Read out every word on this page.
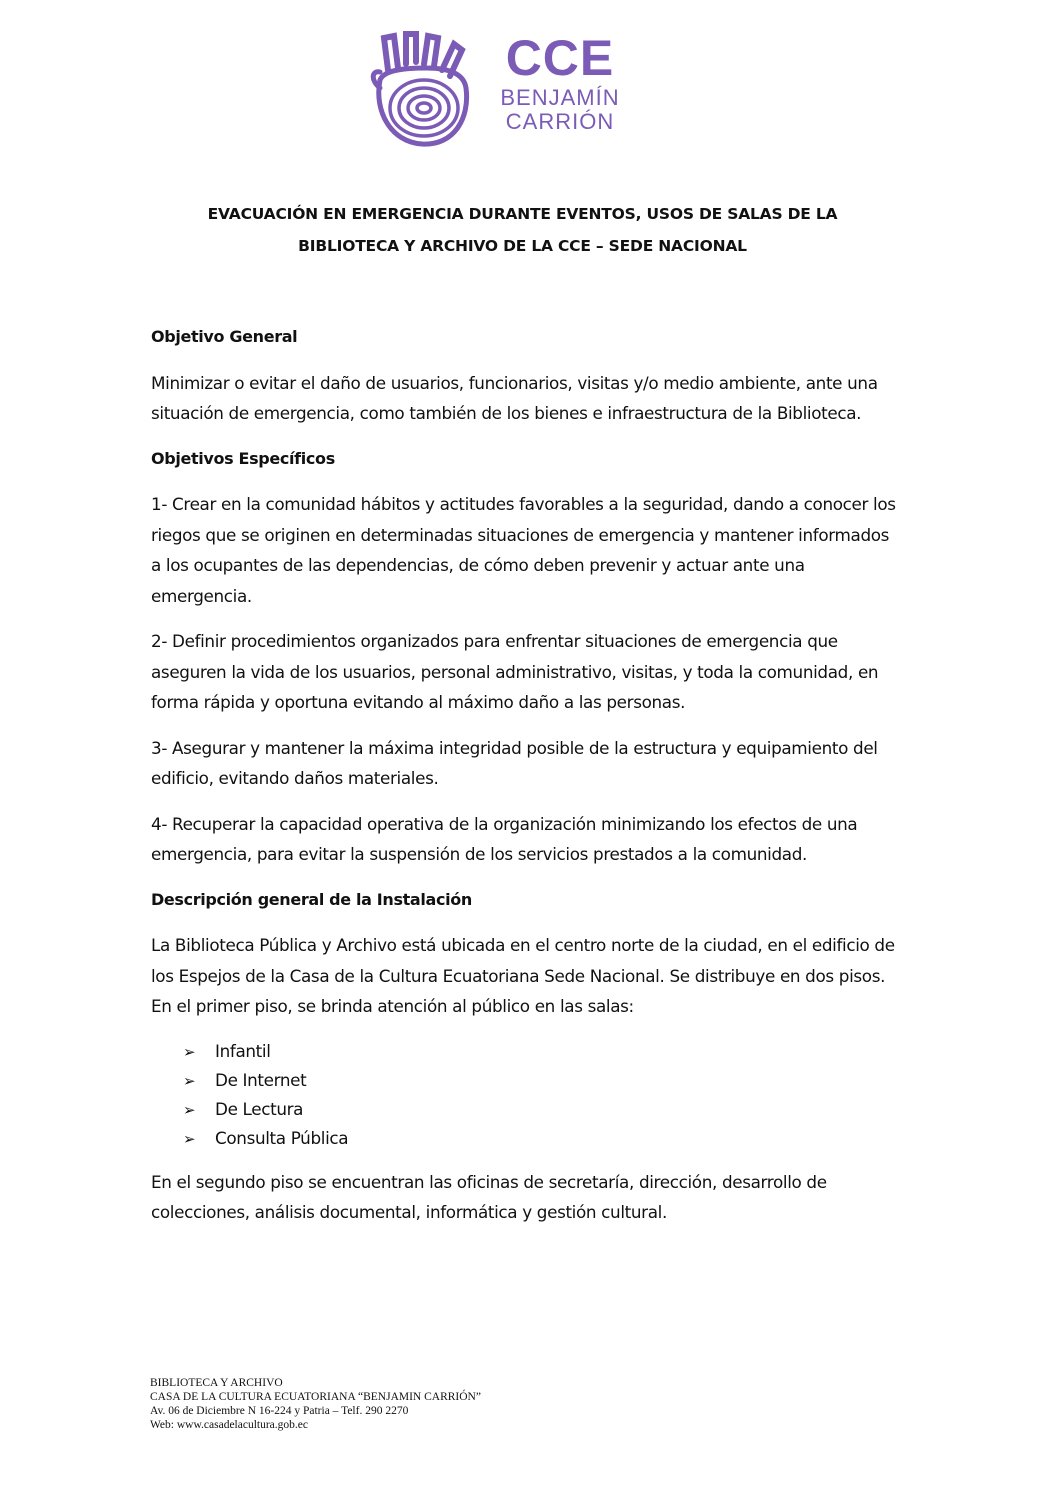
CCE
BENJAMÍN
CARRIÓN
EVACUACIÓN EN EMERGENCIA DURANTE EVENTOS, USOS DE SALAS DE LA
BIBLIOTECA Y ARCHIVO DE LA CCE – SEDE NACIONAL
Objetivo General
Minimizar o evitar el daño de usuarios, funcionarios, visitas y/o medio ambiente, ante una situación de emergencia, como también de los bienes e infraestructura de la Biblioteca.
Objetivos Específicos
1- Crear en la comunidad hábitos y actitudes favorables a la seguridad, dando a conocer los riegos que se originen en determinadas situaciones de emergencia y mantener informados a los ocupantes de las dependencias, de cómo deben prevenir y actuar ante una emergencia.
2- Definir procedimientos organizados para enfrentar situaciones de emergencia que aseguren la vida de los usuarios, personal administrativo, visitas, y toda la comunidad, en forma rápida y oportuna evitando al máximo daño a las personas.
3- Asegurar y mantener la máxima integridad posible de la estructura y equipamiento del edificio, evitando daños materiales.
4- Recuperar la capacidad operativa de la organización minimizando los efectos de una emergencia, para evitar la suspensión de los servicios prestados a la comunidad.
Descripción general de la Instalación
La Biblioteca Pública y Archivo está ubicada en el centro norte de la ciudad, en el edificio de los Espejos de la Casa de la Cultura Ecuatoriana Sede Nacional. Se distribuye en dos pisos. En el primer piso, se brinda atención al público en las salas:
➢ Infantil
➢ De Internet
➢ De Lectura
➢ Consulta Pública
En el segundo piso se encuentran las oficinas de secretaría, dirección, desarrollo de colecciones, análisis documental, informática y gestión cultural.
BIBLIOTECA Y ARCHIVO
CASA DE LA CULTURA ECUATORIANA “BENJAMIN CARRIÓN”
Av. 06 de Diciembre N 16-224 y Patria – Telf. 290 2270
Web: www.casadelacultura.gob.ec
